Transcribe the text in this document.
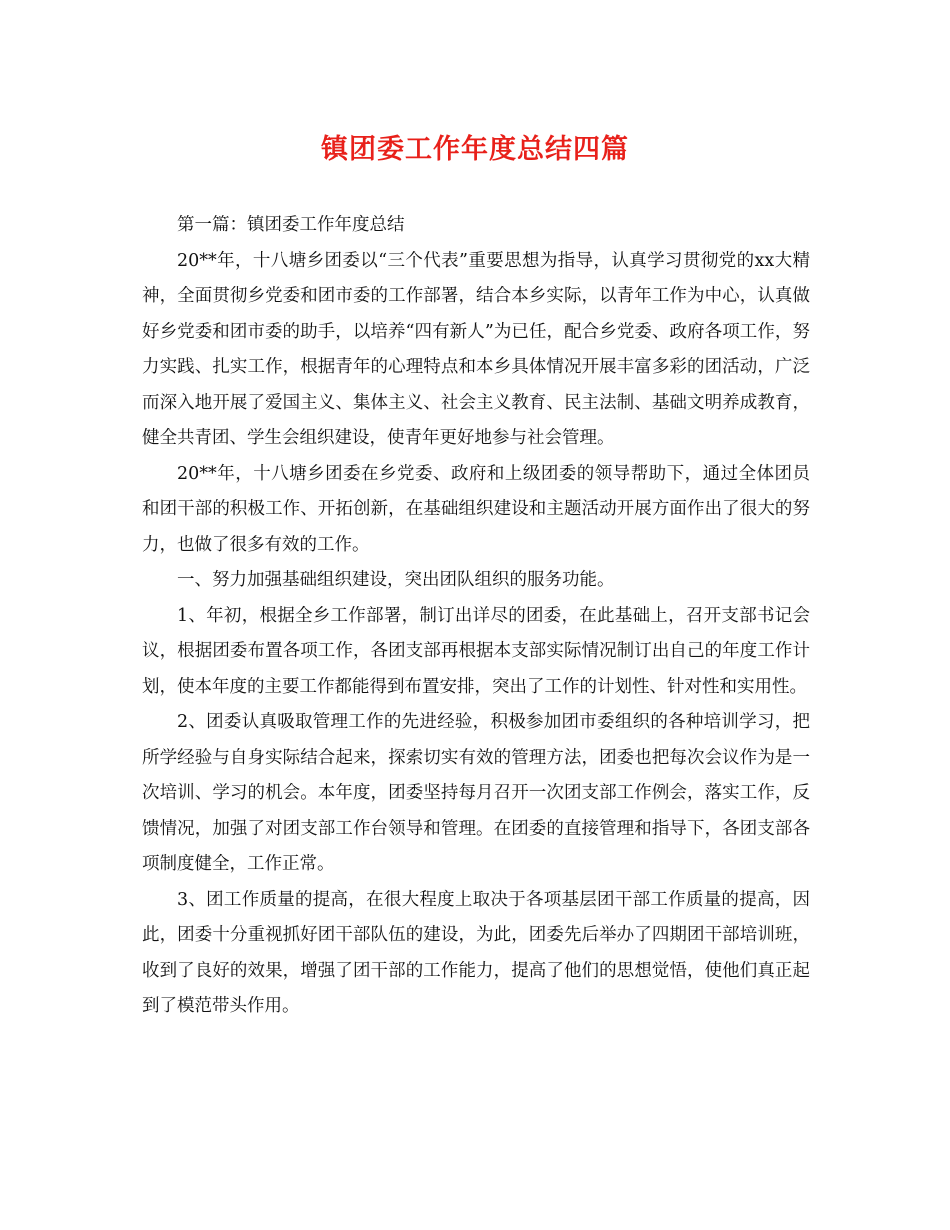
镇团委工作年度总结四篇

第一篇：镇团委工作年度总结

20**年，十八塘乡团委以“三个代表”重要思想为指导，认真学习贯彻党的xx大精神，全面贯彻乡党委和团市委的工作部署，结合本乡实际，以青年工作为中心，认真做好乡党委和团市委的助手，以培养“四有新人”为已任，配合乡党委、政府各项工作，努力实践、扎实工作，根据青年的心理特点和本乡具体情况开展丰富多彩的团活动，广泛而深入地开展了爱国主义、集体主义、社会主义教育、民主法制、基础文明养成教育，健全共青团、学生会组织建设，使青年更好地参与社会管理。

20**年，十八塘乡团委在乡党委、政府和上级团委的领导帮助下，通过全体团员和团干部的积极工作、开拓创新，在基础组织建设和主题活动开展方面作出了很大的努力，也做了很多有效的工作。

一、努力加强基础组织建设，突出团队组织的服务功能。

1、年初，根据全乡工作部署，制订出详尽的团委，在此基础上，召开支部书记会议，根据团委布置各项工作，各团支部再根据本支部实际情况制订出自己的年度工作计划，使本年度的主要工作都能得到布置安排，突出了工作的计划性、针对性和实用性。

2、团委认真吸取管理工作的先进经验，积极参加团市委组织的各种培训学习，把所学经验与自身实际结合起来，探索切实有效的管理方法，团委也把每次会议作为是一次培训、学习的机会。本年度，团委坚持每月召开一次团支部工作例会，落实工作，反馈情况，加强了对团支部工作台领导和管理。在团委的直接管理和指导下，各团支部各项制度健全，工作正常。

3、团工作质量的提高，在很大程度上取决于各项基层团干部工作质量的提高，因此，团委十分重视抓好团干部队伍的建设，为此，团委先后举办了四期团干部培训班，收到了良好的效果，增强了团干部的工作能力，提高了他们的思想觉悟，使他们真正起到了模范带头作用。
